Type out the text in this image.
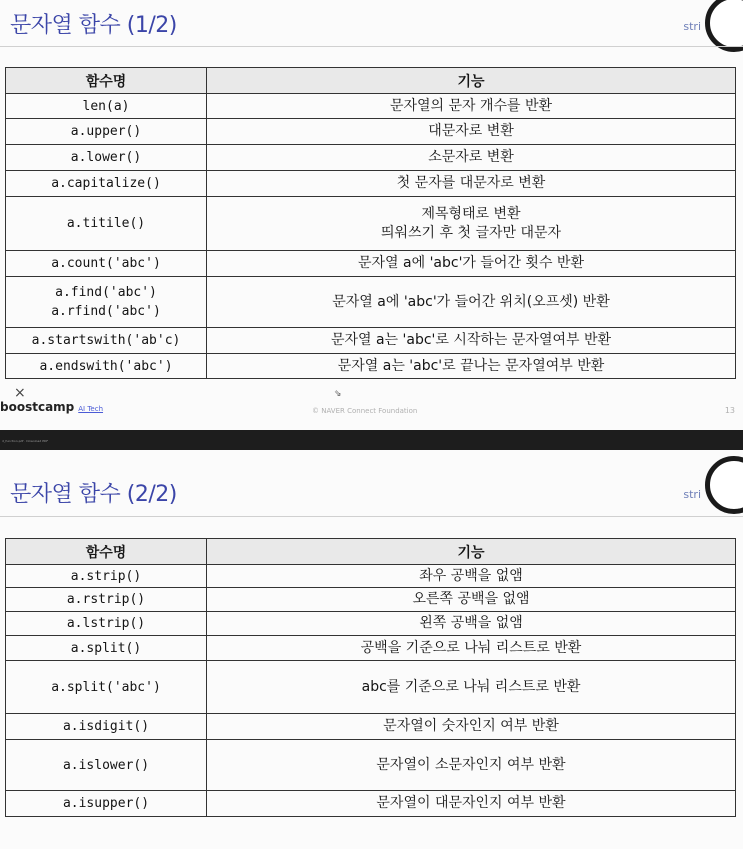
문자열 함수 (1/2)	stri
함수명	기능

len(a)	문자열의 문자 개수를 반환

a.upper()	대문자로 변환

a.lower()	소문자로 변환

a.capitalize()	첫 문자를 대문자로 변환

a.titile()	제목형태로 변환
띄워쓰기 후 첫 글자만 대문자

a.count('abc')	문자열 a에 'abc'가 들어간 횟수 반환

a.find('abc')
a.rfind('abc')	문자열 a에 'abc'가 들어간 위치(오프셋) 반환

a.startswith('ab'c)	문자열 a는 'abc'로 시작하는 문자열여부 반환

a.endswith('abc')	문자열 a는 'abc'로 끝나는 문자열여부 반환
×	⇘
boostcamp AI Tech	© NAVER Connect Foundation	13
d_function.pdf · Download PDF
문자열 함수 (2/2)	stri
함수명	기능

a.strip()	좌우 공백을 없앰

a.rstrip()	오른쪽 공백을 없앰

a.lstrip()	왼쪽 공백을 없앰

a.split()	공백을 기준으로 나눠 리스트로 반환

a.split('abc')	abc를 기준으로 나눠 리스트로 반환

a.isdigit()	문자열이 숫자인지 여부 반환

a.islower()	문자열이 소문자인지 여부 반환

a.isupper()	문자열이 대문자인지 여부 반환
